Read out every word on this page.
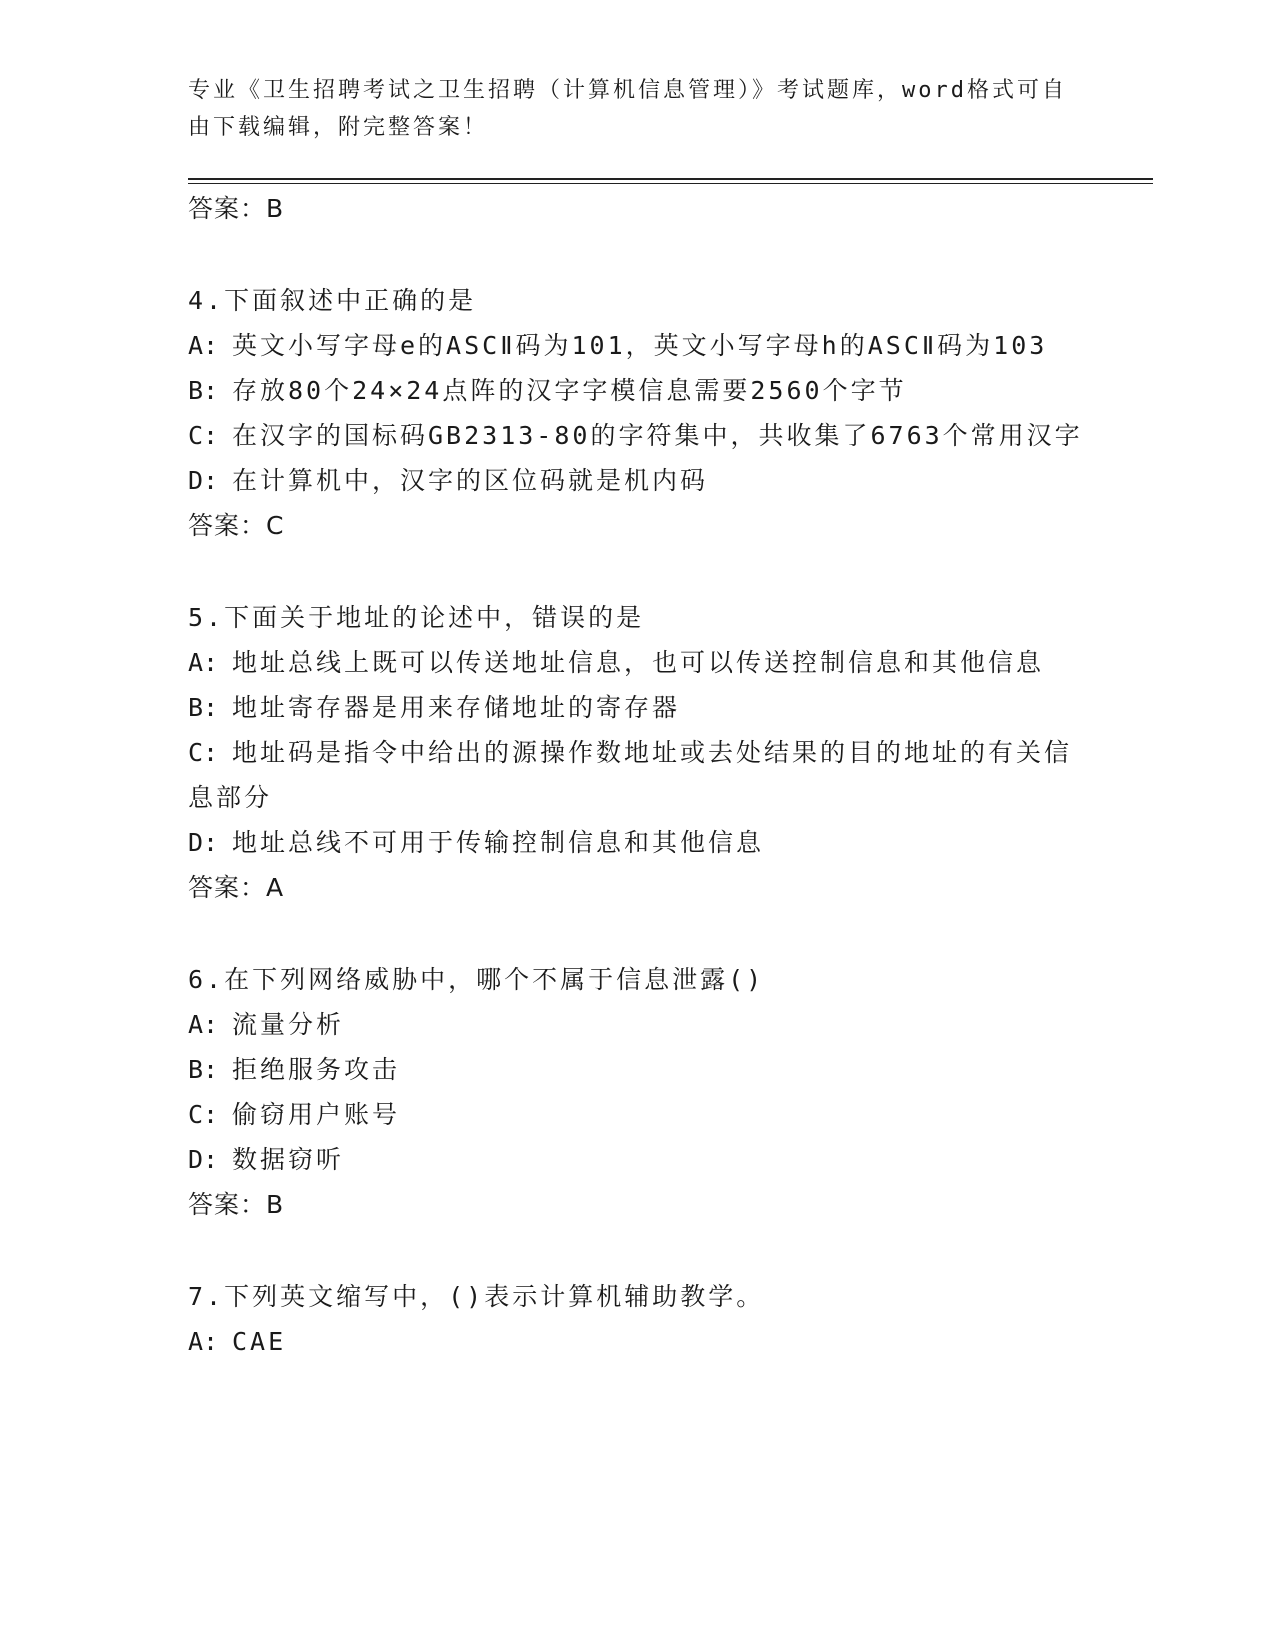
专业《卫生招聘考试之卫生招聘（计算机信息管理）》考试题库，word格式可自由下载编辑，附完整答案！

答案：B
4.下面叙述中正确的是
A: 英文小写字母e的ASCⅡ码为101，英文小写字母h的ASCⅡ码为103
B: 存放80个24×24点阵的汉字字模信息需要2560个字节
C: 在汉字的国标码GB2313-80的字符集中，共收集了6763个常用汉字
D: 在计算机中，汉字的区位码就是机内码
答案：C
5.下面关于地址的论述中，错误的是
A: 地址总线上既可以传送地址信息，也可以传送控制信息和其他信息
B: 地址寄存器是用来存储地址的寄存器
C: 地址码是指令中给出的源操作数地址或去处结果的目的地址的有关信息部分
D: 地址总线不可用于传输控制信息和其他信息
答案：A
6.在下列网络威胁中，哪个不属于信息泄露()
A: 流量分析
B: 拒绝服务攻击
C: 偷窃用户账号
D: 数据窃听
答案：B
7.下列英文缩写中，()表示计算机辅助教学。
A: CAE
